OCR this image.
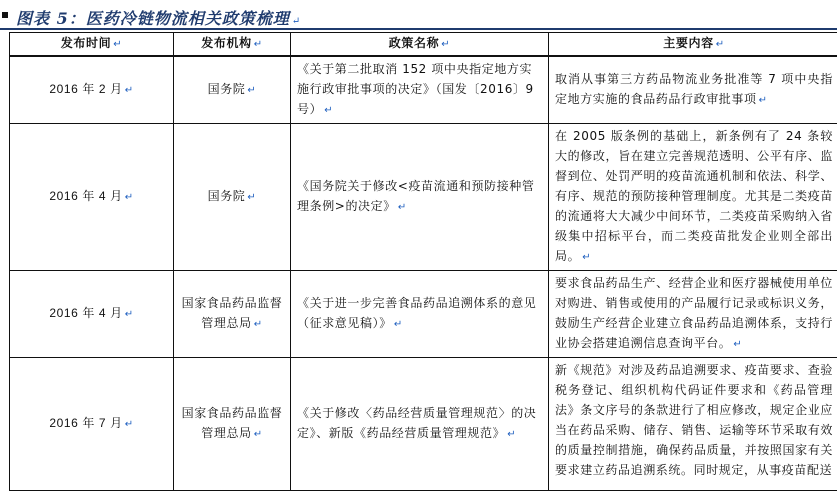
图表 5：医药冷链物流相关政策梳理 ↵
发布时间 ↵	发布机构 ↵	政策名称 ↵	主要内容 ↵
2016 年 2 月 ↵	国务院 ↵	《关于第二批取消 152 项中央指定地方实施行政审批事项的决定》（国发〔2016〕9 号） ↵	取消从事第三方药品物流业务批准等 7 项中央指定地方实施的食品药品行政审批事项 ↵
2016 年 4 月 ↵	国务院 ↵	《国务院关于修改<疫苗流通和预防接种管理条例>的决定》 ↵	在 2005 版条例的基础上，新条例有了 24 条较大的修改，旨在建立完善规范透明、公平有序、监督到位、处罚严明的疫苗流通机制和依法、科学、有序、规范的预防接种管理制度。尤其是二类疫苗的流通将大大减少中间环节，二类疫苗采购纳入省级集中招标平台，而二类疫苗批发企业则全部出局。 ↵
2016 年 4 月 ↵	国家食品药品监督管理总局 ↵	《关于进一步完善食品药品追溯体系的意见（征求意见稿）》 ↵	要求食品药品生产、经营企业和医疗器械使用单位对购进、销售或使用的产品履行记录或标识义务，鼓励生产经营企业建立食品药品追溯体系，支持行业协会搭建追溯信息查询平台。 ↵
2016 年 7 月 ↵	国家食品药品监督管理总局 ↵	《关于修改〈药品经营质量管理规范〉的决定》、新版《药品经营质量管理规范》 ↵	新《规范》对涉及药品追溯要求、疫苗要求、查验税务登记、组织机构代码证件要求和《药品管理法》条文序号的条款进行了相应修改，规定企业应当在药品采购、储存、销售、运输等环节采取有效的质量控制措施，确保药品质量，并按照国家有关要求建立药品追溯系统。同时规定，从事疫苗配送
